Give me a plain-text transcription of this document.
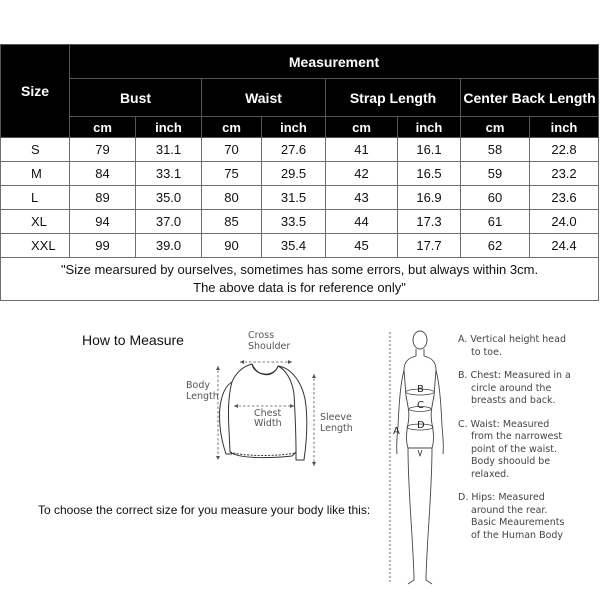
Size	Measurement							
	Bust		Waist		Strap Length		Center Back Length	
	cm	inch	cm	inch	cm	inch	cm	inch
S	79	31.1	70	27.6	41	16.1	58	22.8
M	84	33.1	75	29.5	42	16.5	59	23.2
L	89	35.0	80	31.5	43	16.9	60	23.6
XL	94	37.0	85	33.5	44	17.3	61	24.0
XXL	99	39.0	90	35.4	45	17.7	62	24.4
"Size mearsured by ourselves, sometimes has some errors, but always within 3cm.
The above data is for reference only"								
How to Measure	Cross
Shoulder
Body
Length
Chest
Width
Sleeve
Length
B
C
D
A
A. Vertical height head
to toe.
B. Chest: Measured in a
circle around the
breasts and back.
C. Waist: Measured
from the narrowest
point of the waist.
Body shoould be
relaxed.
D. Hips: Measured
around the rear.
Basic Meaurements
of the Human Body
To choose the correct size for you measure your body like this:
